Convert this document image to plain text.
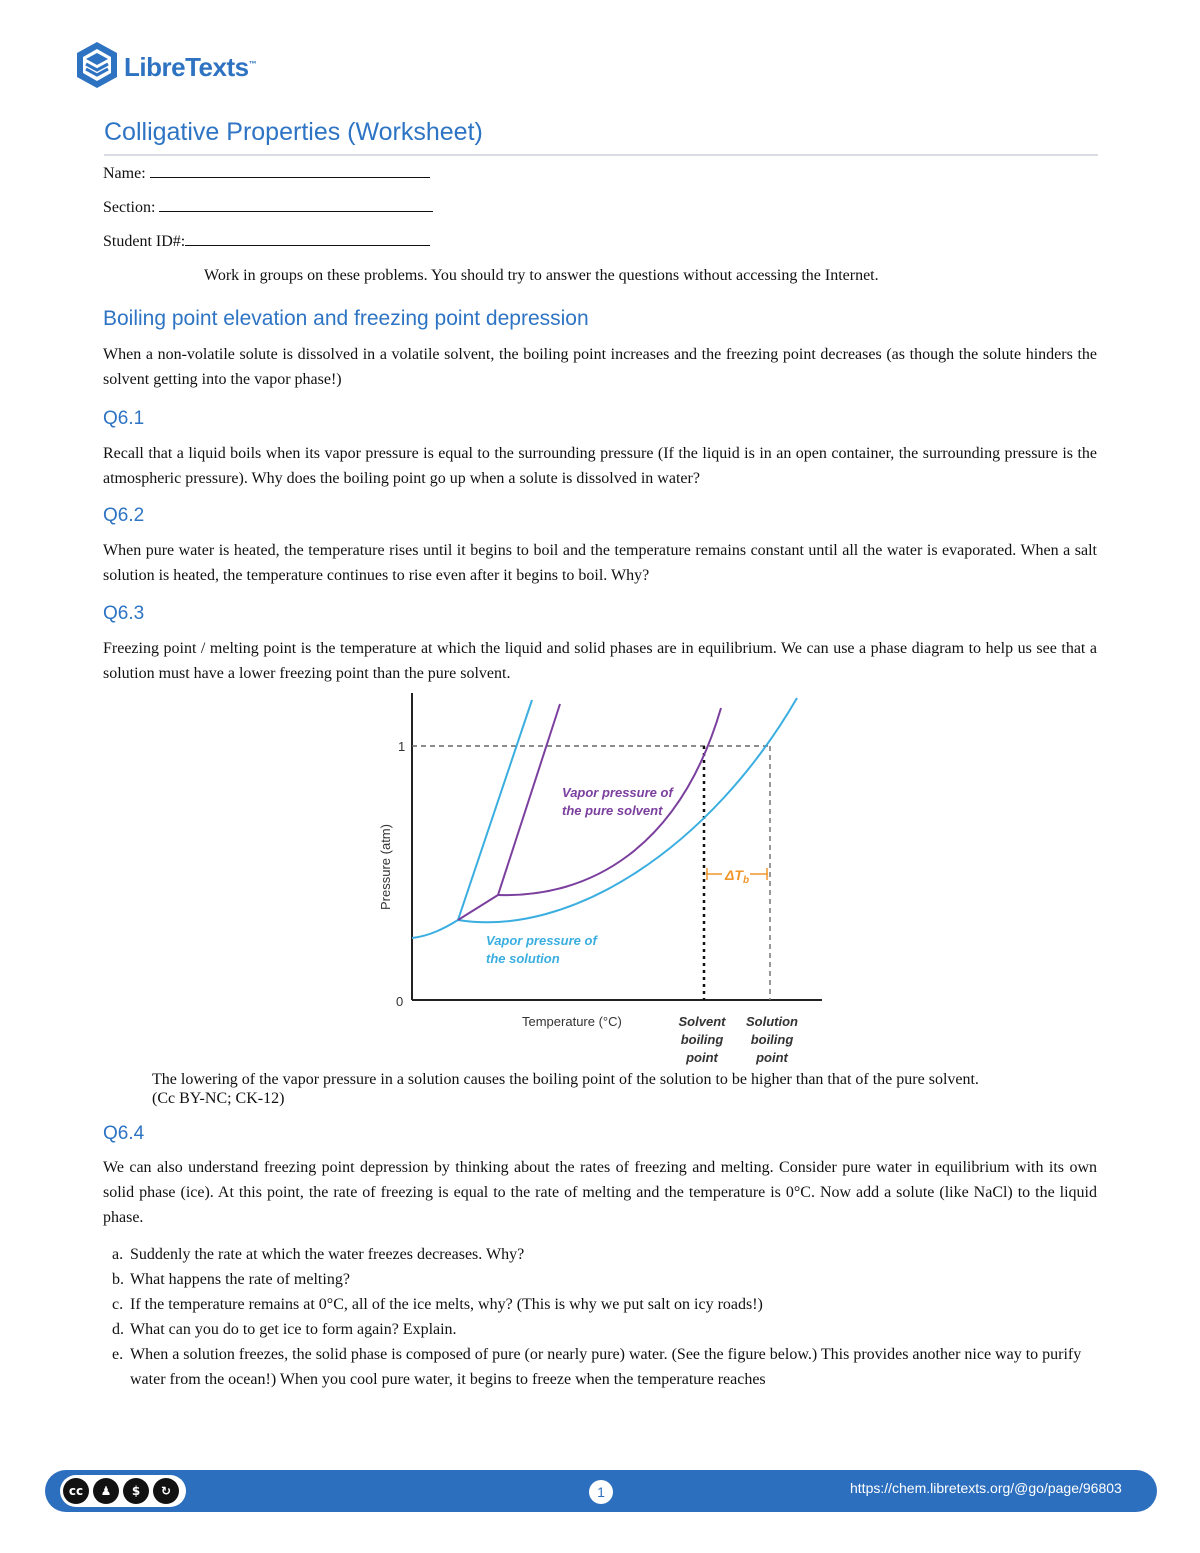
LibreTexts™
Colligative Properties (Worksheet)
Name:
Section:
Student ID#:
Work in groups on these problems. You should try to answer the questions without accessing the Internet.
Boiling point elevation and freezing point depression
When a non-volatile solute is dissolved in a volatile solvent, the boiling point increases and the freezing point decreases (as though the solute hinders the solvent getting into the vapor phase!)
Q6.1
Recall that a liquid boils when its vapor pressure is equal to the surrounding pressure (If the liquid is in an open container, the surrounding pressure is the atmospheric pressure). Why does the boiling point go up when a solute is dissolved in water?
Q6.2
When pure water is heated, the temperature rises until it begins to boil and the temperature remains constant until all the water is evaporated. When a salt solution is heated, the temperature continues to rise even after it begins to boil. Why?
Q6.3
Freezing point / melting point is the temperature at which the liquid and solid phases are in equilibrium. We can use a phase diagram to help us see that a solution must have a lower freezing point than the pure solvent.
1
0
Pressure (atm)
Temperature (°C)
Vapor pressure of
the pure solvent
Vapor pressure of
the solution
$\Delta T_b$
Solvent
boiling
point
Solution
boiling
point
The lowering of the vapor pressure in a solution causes the boiling point of the solution to be higher than that of the pure solvent.
(Cc BY-NC; CK-12)
Q6.4
We can also understand freezing point depression by thinking about the rates of freezing and melting. Consider pure water in equilibrium with its own solid phase (ice). At this point, the rate of freezing is equal to the rate of melting and the temperature is 0°C. Now add a solute (like NaCl) to the liquid phase.
a. Suddenly the rate at which the water freezes decreases. Why?
b. What happens the rate of melting?
c. If the temperature remains at 0°C, all of the ice melts, why? (This is why we put salt on icy roads!)
d. What can you do to get ice to form again? Explain.
e. When a solution freezes, the solid phase is composed of pure (or nearly pure) water. (See the figure below.) This provides another nice way to purify water from the ocean!) When you cool pure water, it begins to freeze when the temperature reaches
cc	♟	$	↻	1	https://chem.libretexts.org/@go/page/96803
